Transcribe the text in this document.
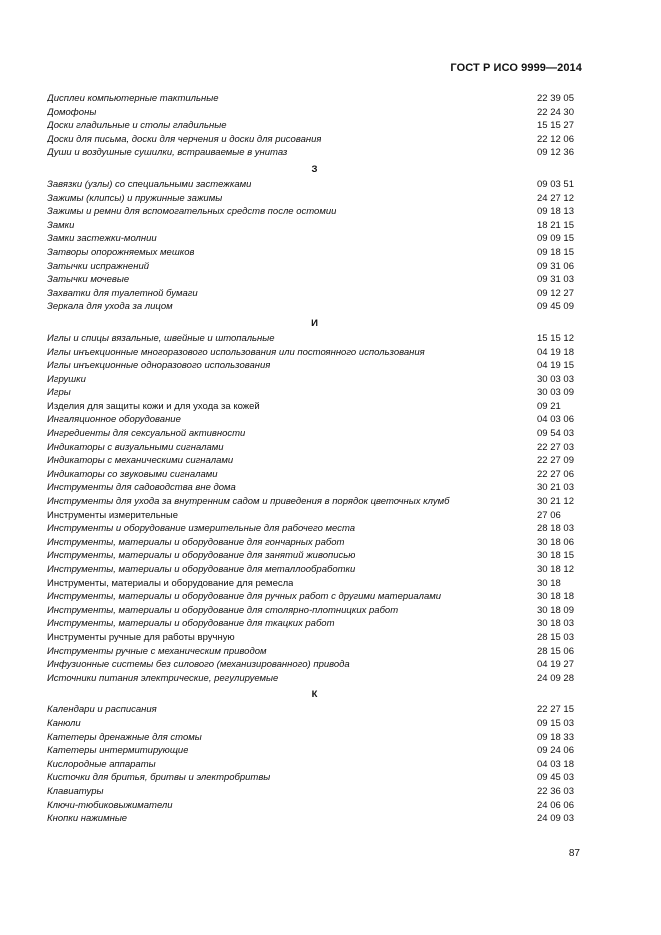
ГОСТ Р ИСО 9999—2014
Дисплеи компьютерные тактильные	22 39 05
Домофоны	22 24 30
Доски гладильные и столы гладильные	15 15 27
Доски для письма, доски для черчения и доски для рисования	22 12 06
Души и воздушные сушилки, встраиваемые в унитаз	09 12 36
З
Завязки (узлы) со специальными застежками	09 03 51
Зажимы (клипсы) и пружинные зажимы	24 27 12
Зажимы и ремни для вспомогательных средств после остомии	09 18 13
Замки	18 21 15
Замки застежки-молнии	09 09 15
Затворы опорожняемых мешков	09 18 15
Затычки испражнений	09 31 06
Затычки мочевые	09 31 03
Захватки для туалетной бумаги	09 12 27
Зеркала для ухода за лицом	09 45 09
И
Иглы и спицы вязальные, швейные и штопальные	15 15 12
Иглы инъекционные многоразового использования или постоянного использования	04 19 18
Иглы инъекционные одноразового использования	04 19 15
Игрушки	30 03 03
Игры	30 03 09
Изделия для защиты кожи и для ухода за кожей	09 21
Ингаляционное оборудование	04 03 06
Ингредиенты для сексуальной активности	09 54 03
Индикаторы с визуальными сигналами	22 27 03
Индикаторы с механическими сигналами	22 27 09
Индикаторы со звуковыми сигналами	22 27 06
Инструменты для садоводства вне дома	30 21 03
Инструменты для ухода за внутренним садом и приведения в порядок цветочных клумб	30 21 12
Инструменты измерительные	27 06
Инструменты и оборудование измерительные для рабочего места	28 18 03
Инструменты, материалы и оборудование для гончарных работ	30 18 06
Инструменты, материалы и оборудование для занятий живописью	30 18 15
Инструменты, материалы и оборудование для металлообработки	30 18 12
Инструменты, материалы и оборудование для ремесла	30 18
Инструменты, материалы и оборудование для ручных работ с другими материалами	30 18 18
Инструменты, материалы и оборудование для столярно-плотницких работ	30 18 09
Инструменты, материалы и оборудование для ткацких работ	30 18 03
Инструменты ручные для работы вручную	28 15 03
Инструменты ручные с механическим приводом	28 15 06
Инфузионные системы без силового (механизированного) привода	04 19 27
Источники питания электрические, регулируемые	24 09 28
К
Календари и расписания	22 27 15
Канюли	09 15 03
Катетеры дренажные для стомы	09 18 33
Катетеры интермитирующие	09 24 06
Кислородные аппараты	04 03 18
Кисточки для бритья, бритвы и электробритвы	09 45 03
Клавиатуры	22 36 03
Ключи-тюбиковыжиматели	24 06 06
Кнопки нажимные	24 09 03
87
